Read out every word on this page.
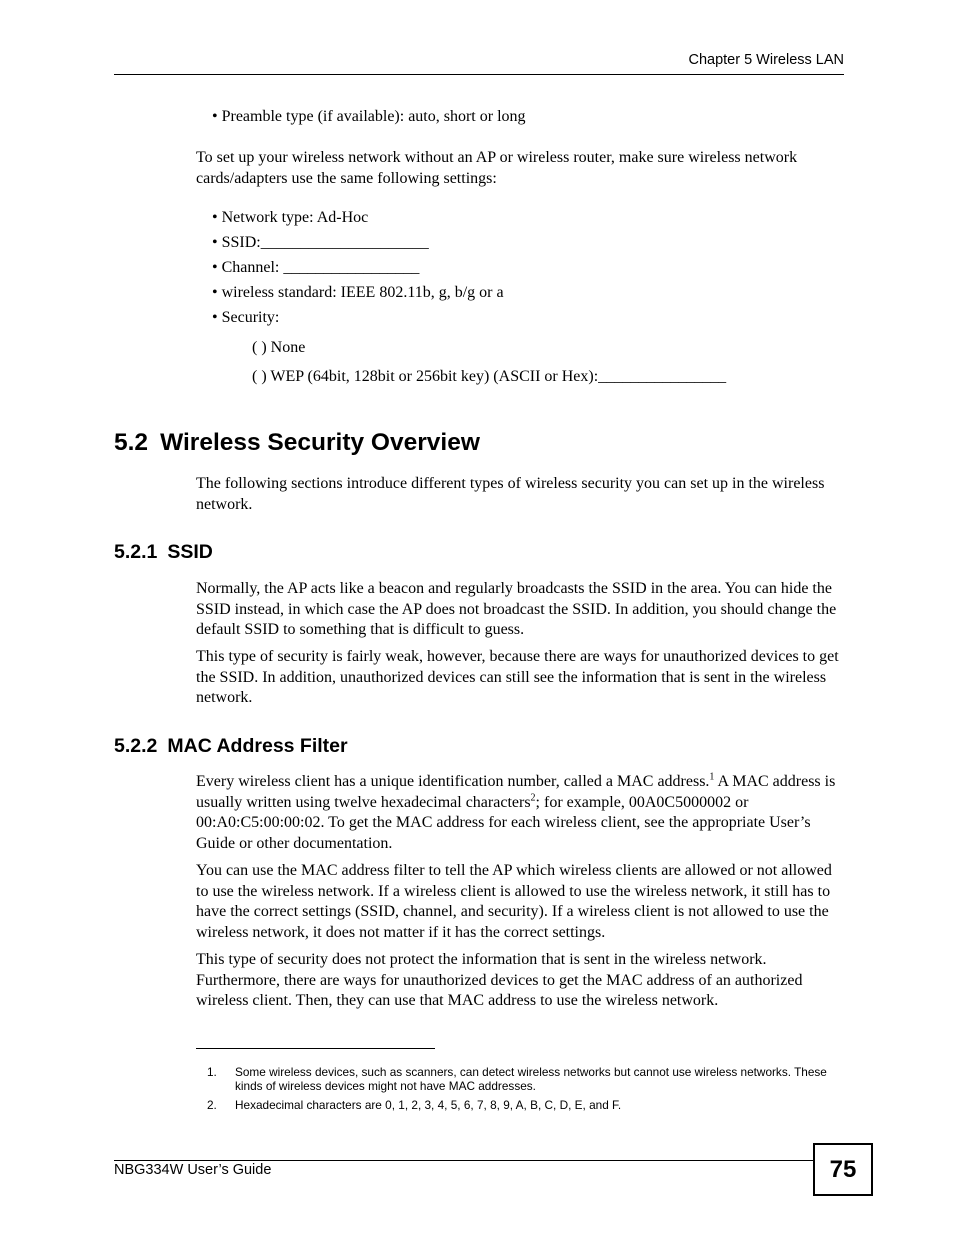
Chapter 5 Wireless LAN
• Preamble type (if available): auto, short or long
To set up your wireless network without an AP or wireless router, make sure wireless network cards/adapters use the same following settings:
• Network type: Ad-Hoc
• SSID:_____________________
• Channel: _________________
• wireless standard: IEEE 802.11b, g, b/g or a
• Security:
( ) None
( ) WEP (64bit, 128bit or 256bit key) (ASCII or Hex):________________
5.2 Wireless Security Overview
The following sections introduce different types of wireless security you can set up in the wireless network.
5.2.1 SSID
Normally, the AP acts like a beacon and regularly broadcasts the SSID in the area. You can hide the SSID instead, in which case the AP does not broadcast the SSID. In addition, you should change the default SSID to something that is difficult to guess.
This type of security is fairly weak, however, because there are ways for unauthorized devices to get the SSID. In addition, unauthorized devices can still see the information that is sent in the wireless network.
5.2.2 MAC Address Filter
Every wireless client has a unique identification number, called a MAC address.$^1$ A MAC address is usually written using twelve hexadecimal characters$^2$; for example, 00A0C5000002 or 00:A0:C5:00:00:02. To get the MAC address for each wireless client, see the appropriate User’s Guide or other documentation.
You can use the MAC address filter to tell the AP which wireless clients are allowed or not allowed to use the wireless network. If a wireless client is allowed to use the wireless network, it still has to have the correct settings (SSID, channel, and security). If a wireless client is not allowed to use the wireless network, it does not matter if it has the correct settings.
This type of security does not protect the information that is sent in the wireless network. Furthermore, there are ways for unauthorized devices to get the MAC address of an authorized wireless client. Then, they can use that MAC address to use the wireless network.
1. Some wireless devices, such as scanners, can detect wireless networks but cannot use wireless networks. These kinds of wireless devices might not have MAC addresses.
2. Hexadecimal characters are 0, 1, 2, 3, 4, 5, 6, 7, 8, 9, A, B, C, D, E, and F.
NBG334W User’s Guide	75
